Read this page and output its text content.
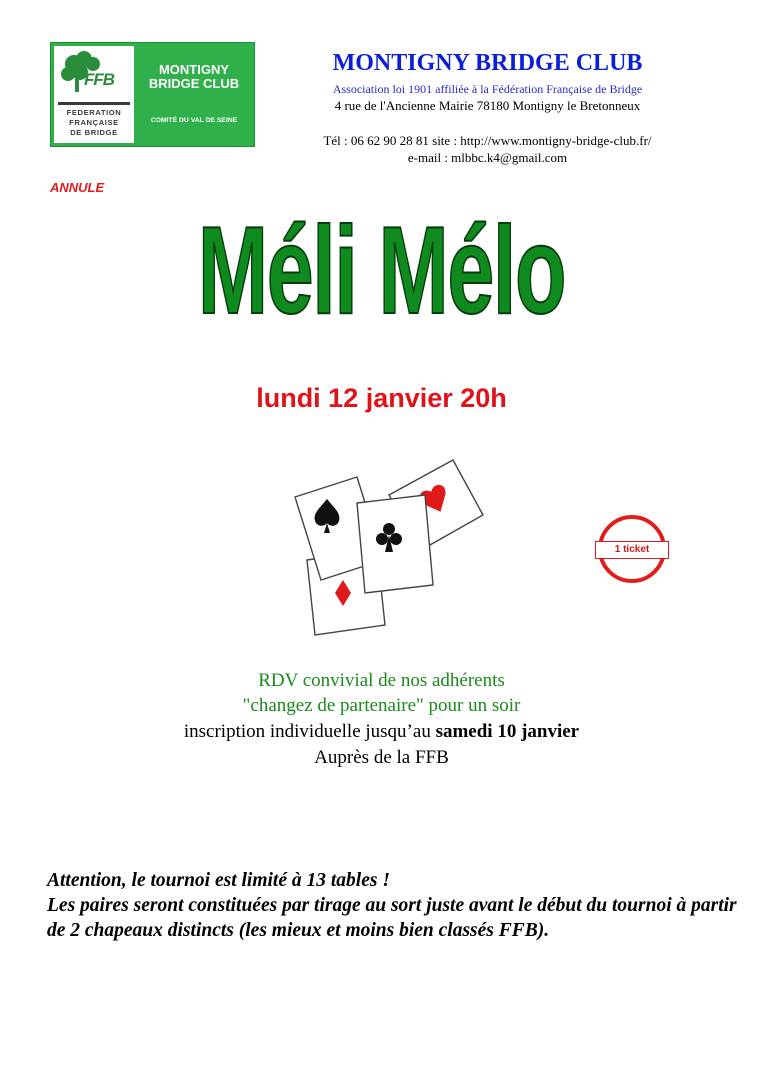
FFB
FEDERATION
FRANÇAISE
DE BRIDGE
MONTIGNY
BRIDGE CLUB
COMITÉ DU VAL DE SEINE
MONTIGNY BRIDGE CLUB
Association loi 1901 affiliée à la Fédération Française de Bridge
4 rue de l'Ancienne Mairie 78180 Montigny le Bretonneux
Tél : 06 62 90 28 81 site : http://www.montigny-bridge-club.fr/
e-mail : mlbbc.k4@gmail.com
ANNULE
Méli Mélo
lundi 12 janvier 20h
1 ticket
RDV convivial de nos adhérents
"changez de partenaire" pour un soir
inscription individuelle jusqu’au samedi 10 janvier
Auprès de la FFB
Attention, le tournoi est limité à 13 tables !
Les paires seront constituées par tirage au sort juste avant le début du tournoi à partir de 2 chapeaux distincts (les mieux et moins bien classés FFB).
